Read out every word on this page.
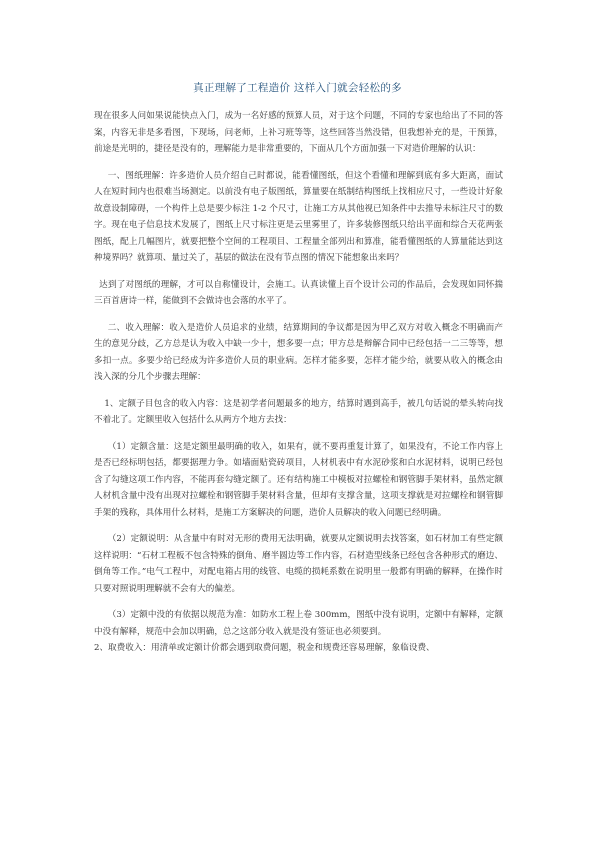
真正理解了工程造价 这样入门就会轻松的多

现在很多人问如果说能快点入门，成为一名好感的预算人员，对于这个问题，不同的专家也给出了不同的答案，内容无非是多看图，下现场，问老师，上补习班等等，这些回答当然没错，但我想补充的是，干预算，前途是光明的，捷径是没有的，理解能力是非常重要的，下面从几个方面加强一下对造价理解的认识：

一、图纸理解：许多造价人员介绍自己时都说，能看懂图纸，但这个看懂和理解到底有多大距离，面试人在短时间内也很难当场测定。以前没有电子版图纸，算量要在纸制结构图纸上找相应尺寸，一些设计好象故意设制障碍，一个构件上总是要少标注 1-2 个尺寸，让施工方从其他视已知条件中去推导未标注尺寸的数字。现在电子信息技术发展了，图纸上尺寸标注更是云里雾里了，许多装修图纸只给出平面和综合天花两张图纸，配上几幅图片，就要把整个空间的工程项目、工程量全部列出和算准，能看懂图纸的人算量能达到这种境界吗？就算项、量过关了，基层的做法在没有节点图的情况下能想象出来吗？

达到了对图纸的理解，才可以自称懂设计，会施工。认真读懂上百个设计公司的作品后，会发现如同怀揣三百首唐诗一样，能做到不会做诗也会落的水平了。

二、收入理解：收入是造价人员追求的业绩，结算期间的争议都是因为甲乙双方对收入概念不明确而产生的意见分歧，乙方总是认为收入中缺一少十，想多要一点；甲方总是辩解合同中已经包括一二三等等，想多扣一点。多要少给已经成为许多造价人员的职业病。怎样才能多要，怎样才能少给，就要从收入的概念由浅入深的分几个步骤去理解：

1、定额子目包含的收入内容：这是初学者问题最多的地方，结算时遇到高手，被几句话说的晕头转向找不着北了。定额里收入包括什么从两方个地方去找：

（1）定额含量：这是定额里最明确的收入，如果有，就不要再重复计算了，如果没有，不论工作内容上是否已经标明包括，都要据理力争。如墙面贴瓷砖项目，人材机表中有水泥砂浆和白水泥材料，说明已经包含了勾缝这项工作内容，不能再套勾缝定额了。还有结构施工中模板对拉螺栓和钢管脚手架材料，虽然定额人材机含量中没有出现对拉螺栓和钢管脚手架材料含量，但却有支撑含量，这项支撑就是对拉螺栓和钢管脚手架的残称，具体用什么材料，是施工方案解决的问题，造价人员解决的收入问题已经明确。

（2）定额说明：从含量中有时对无形的费用无法明确，就要从定额说明去找答案，如石材加工有些定额这样说明：“石材工程板不包含特殊的倒角、磨半圆边等工作内容，石材造型线条已经包含各种形式的磨边、倒角等工作。”电气工程中，对配电箱占用的线管、电缆的损耗系数在说明里一般都有明确的解释，在操作时只要对照说明理解就不会有大的偏差。

（3）定额中没的有依据以规范为准：如防水工程上卷 300mm，图纸中没有说明，定额中有解释，定额中没有解释，规范中会加以明确，总之这部分收入就是没有签证也必须要到。

2、取费收入：用清单或定额计价都会遇到取费问题，税金和规费还容易理解，象临设费、
